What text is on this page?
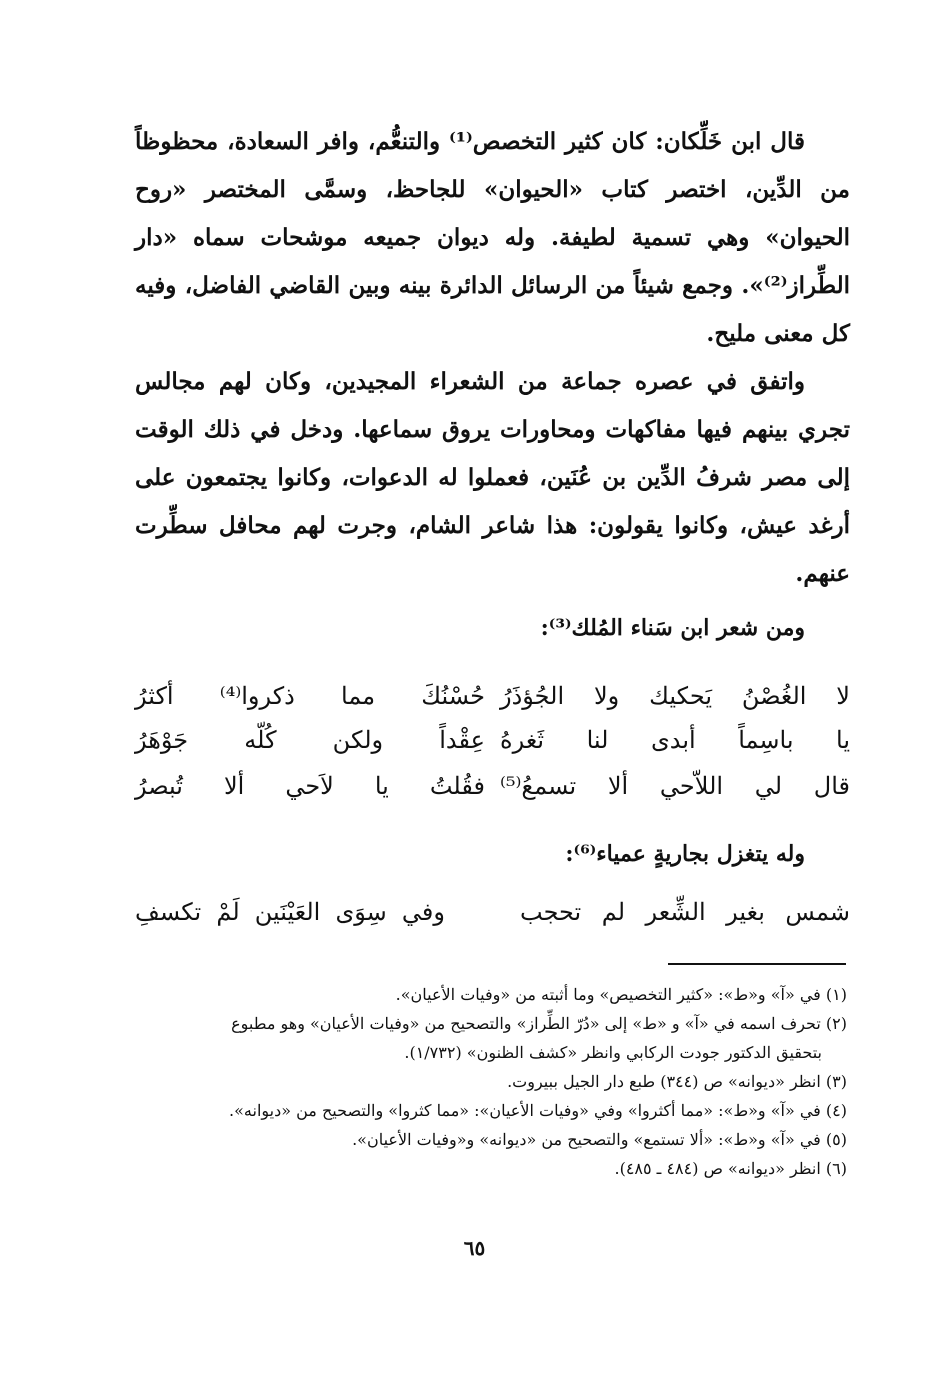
قال ابن خَلِّكان: كان كثير التخصص⁽¹⁾ والتنعُّم، وافر السعادة، محظوظاً من الدِّين، اختصر كتاب «الحيوان» للجاحظ، وسمَّى المختصر «روح الحيوان» وهي تسمية لطيفة. وله ديوان جميعه موشحات سماه «دار الطِّراز⁽²⁾». وجمع شيئاً من الرسائل الدائرة بينه وبين القاضي الفاضل، وفيه كل معنى مليح.

واتفق في عصره جماعة من الشعراء المجيدين، وكان لهم مجالس تجري بينهم فيها مفاكهات ومحاورات يروق سماعها. ودخل في ذلك الوقت إلى مصر شرفُ الدِّين بن عُنَين، فعملوا له الدعوات، وكانوا يجتمعون على أرغد عيش، وكانوا يقولون: هذا شاعر الشام، وجرت لهم محافل سطِّرت عنهم.

ومن شعر ابن سَناء المُلك⁽³⁾:

لا الغُصْنُ يَحكيك ولا الجُؤذَرُ
حُسْنُكَ مما ذكروا⁽⁴⁾ أكثرُ
يا باسِماً أبدى لنا ثَغرهُ
عِقْداً ولكن كُلّه جَوْهَرُ
قال لي اللاّحي ألا تسمعُ⁽⁵⁾
فقُلتُ يا لاَحي ألا تُبصرُ

وله يتغزل بجاريةٍ عمياء⁽⁶⁾:

شمس بغير الشِّعر لم تحجب
وفي سِوَى العَيْنَين لَمْ تكسفِ

(١) في «آ» و«ط»: «كثير التخصيص» وما أثبته من «وفيات الأعيان».

(٢) تحرف اسمه في «آ» و «ط» إلى «دُرّ الطِّراز» والتصحيح من «وفيات الأعيان» وهو مطبوع

بتحقيق الدكتور جودت الركابي وانظر «كشف الظنون» (١/٧٣٢).

(٣) انظر «ديوانه» ص (٣٤٤) طبع دار الجيل ببيروت.

(٤) في «آ» و«ط»: «مما أكثروا» وفي «وفيات الأعيان»: «مما كثروا» والتصحيح من «ديوانه».

(٥) في «آ» و«ط»: «ألا تستمع» والتصحيح من «ديوانه» و«وفيات الأعيان».

(٦) انظر «ديوانه» ص (٤٨٤ ـ ٤٨٥).

٦٥
